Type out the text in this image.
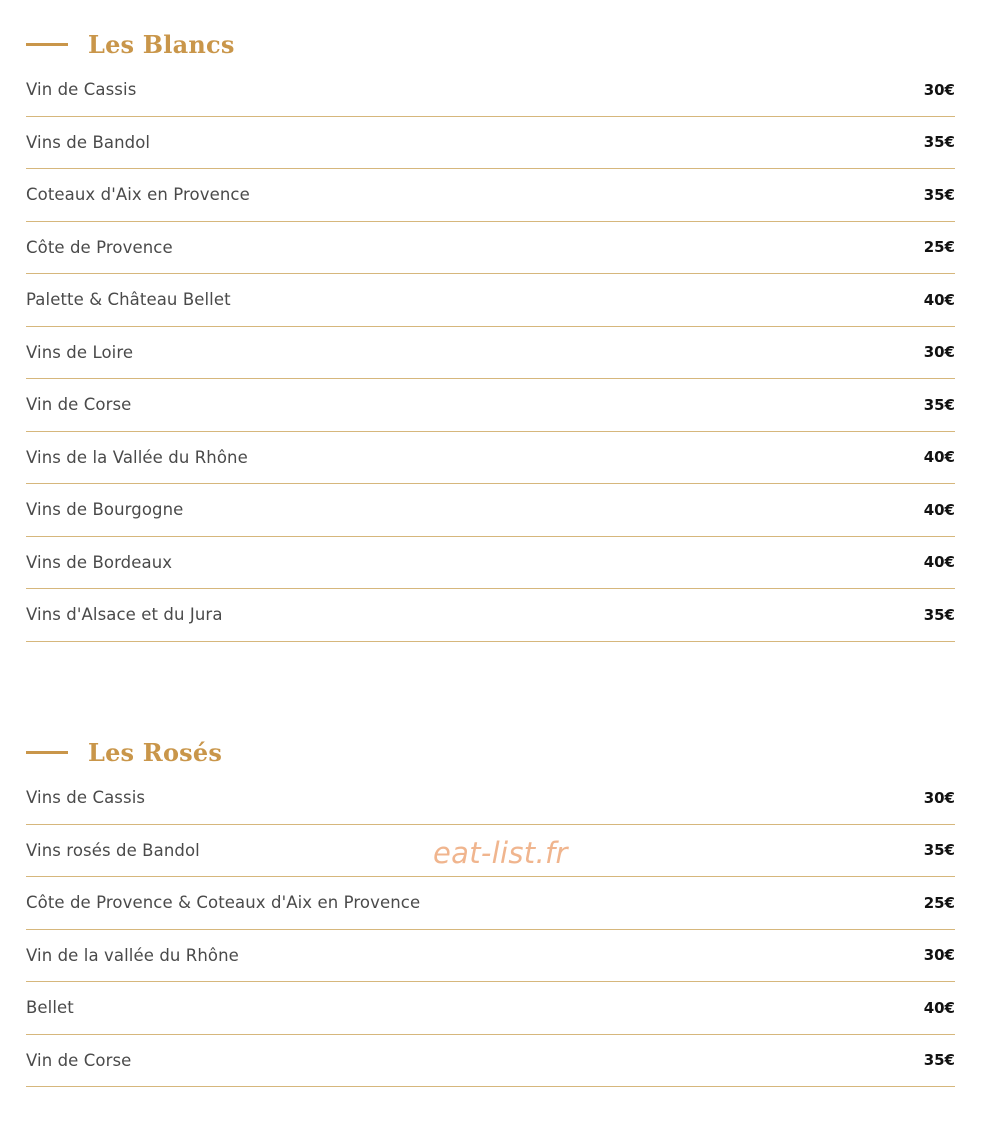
Les Blancs
Vin de Cassis	30€
Vins de Bandol	35€
Coteaux d'Aix en Provence	35€
Côte de Provence	25€
Palette & Château Bellet	40€
Vins de Loire	30€
Vin de Corse	35€
Vins de la Vallée du Rhône	40€
Vins de Bourgogne	40€
Vins de Bordeaux	40€
Vins d'Alsace et du Jura	35€
Les Rosés
Vins de Cassis	30€
Vins rosés de Bandol	35€
Côte de Provence & Coteaux d'Aix en Provence	25€
Vin de la vallée du Rhône	30€
Bellet	40€
Vin de Corse	35€
eat-list.fr
